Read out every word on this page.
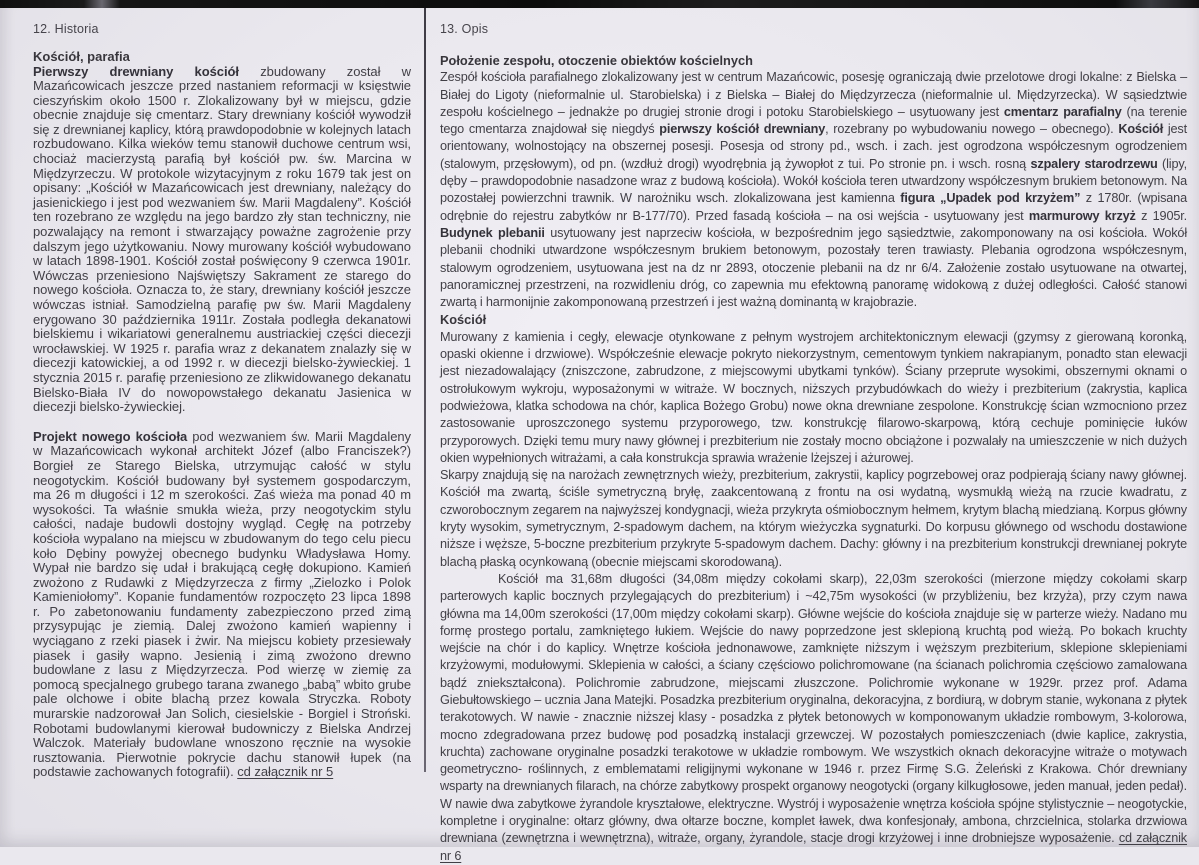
12. Historia
Kościół, parafia

Pierwszy drewniany kościół zbudowany został w Mazańcowicach jeszcze przed nastaniem reformacji w księstwie cieszyńskim około 1500 r. Zlokalizowany był w miejscu, gdzie obecnie znajduje się cmentarz. Stary drewniany kościół wywodził się z drewnianej kaplicy, którą prawdopodobnie w kolejnych latach rozbudowano. Kilka wieków temu stanowił duchowe centrum wsi, chociaż macierzystą parafią był kościół pw. św. Marcina w Międzyrzeczu. W protokole wizytacyjnym z roku 1679 tak jest on opisany: „Kościół w Mazańcowicach jest drewniany, należący do jasienickiego i jest pod wezwaniem św. Marii Magdaleny”. Kościół ten rozebrano ze względu na jego bardzo zły stan techniczny, nie pozwalający na remont i stwarzający poważne zagrożenie przy dalszym jego użytkowaniu. Nowy murowany kościół wybudowano w latach 1898-1901. Kościół został poświęcony 9 czerwca 1901r. Wówczas przeniesiono Najświętszy Sakrament ze starego do nowego kościoła. Oznacza to, że stary, drewniany kościół jeszcze wówczas istniał. Samodzielną parafię pw św. Marii Magdaleny erygowano 30 października 1911r. Została podległa dekanatowi bielskiemu i wikariatowi generalnemu austriackiej części diecezji wrocławskiej. W 1925 r. parafia wraz z dekanatem znalazły się w diecezji katowickiej, a od 1992 r. w diecezji bielsko-żywieckiej. 1 stycznia 2015 r. parafię przeniesiono ze zlikwidowanego dekanatu Bielsko-Biała IV do nowopowstałego dekanatu Jasienica w diecezji bielsko-żywieckiej.

Projekt nowego kościoła pod wezwaniem św. Marii Magdaleny w Mazańcowicach wykonał architekt Józef (albo Franciszek?) Borgieł ze Starego Bielska, utrzymując całość w stylu neogotyckim. Kościół budowany był systemem gospodarczym, ma 26 m długości i 12 m szerokości. Zaś wieża ma ponad 40 m wysokości. Ta właśnie smukła wieża, przy neogotyckim stylu całości, nadaje budowli dostojny wygląd. Cegłę na potrzeby kościoła wypalano na miejscu w zbudowanym do tego celu piecu koło Dębiny powyżej obecnego budynku Władysława Homy. Wypał nie bardzo się udał i brakującą cegłę dokupiono. Kamień zwożono z Rudawki z Międzyrzecza z firmy „Zielozko i Polok Kamieniołomy”. Kopanie fundamentów rozpoczęto 23 lipca 1898 r. Po zabetonowaniu fundamenty zabezpieczono przed zimą przysypując je ziemią. Dalej zwożono kamień wapienny i wyciągano z rzeki piasek i żwir. Na miejscu kobiety przesiewały piasek i gasiły wapno. Jesienią i zimą zwożono drewno budowlane z lasu z Międzyrzecza. Pod wierzę w ziemię za pomocą specjalnego grubego tarana zwanego „babą” wbito grube pale olchowe i obite blachą przez kowala Stryczka. Roboty murarskie nadzorował Jan Solich, ciesielskie - Borgiel i Stroński. Robotami budowlanymi kierował budowniczy z Bielska Andrzej Walczok. Materiały budowlane wnoszono ręcznie na wysokie rusztowania. Pierwotnie pokrycie dachu stanowił łupek (na podstawie zachowanych fotografii). cd załącznik nr 5

13. Opis
Położenie zespołu, otoczenie obiektów kościelnych

Zespół kościoła parafialnego zlokalizowany jest w centrum Mazańcowic, posesję ograniczają dwie przelotowe drogi lokalne: z Bielska – Białej do Ligoty (nieformalnie ul. Starobielska) i z Bielska – Białej do Międzyrzecza (nieformalnie ul. Międzyrzecka). W sąsiedztwie zespołu kościelnego – jednakże po drugiej stronie drogi i potoku Starobielskiego – usytuowany jest cmentarz parafialny (na terenie tego cmentarza znajdował się niegdyś pierwszy kościół drewniany, rozebrany po wybudowaniu nowego – obecnego). Kościół jest orientowany, wolnostojący na obszernej posesji. Posesja od strony pd., wsch. i zach. jest ogrodzona współczesnym ogrodzeniem (stalowym, przęsłowym), od pn. (wzdłuż drogi) wyodrębnia ją żywopłot z tui. Po stronie pn. i wsch. rosną szpalery starodrzewu (lipy, dęby – prawdopodobnie nasadzone wraz z budową kościoła). Wokół kościoła teren utwardzony współczesnym brukiem betonowym. Na pozostałej powierzchni trawnik. W narożniku wsch. zlokalizowana jest kamienna figura „Upadek pod krzyżem” z 1780r. (wpisana odrębnie do rejestru zabytków nr B-177/70). Przed fasadą kościoła – na osi wejścia - usytuowany jest marmurowy krzyż z 1905r. Budynek plebanii usytuowany jest naprzeciw kościoła, w bezpośrednim jego sąsiedztwie, zakomponowany na osi kościoła. Wokół plebanii chodniki utwardzone współczesnym brukiem betonowym, pozostały teren trawiasty. Plebania ogrodzona współczesnym, stalowym ogrodzeniem, usytuowana jest na dz nr 2893, otoczenie plebanii na dz nr 6/4. Założenie zostało usytuowane na otwartej, panoramicznej przestrzeni, na rozwidleniu dróg, co zapewnia mu efektowną panoramę widokową z dużej odległości. Całość stanowi zwartą i harmonijnie zakomponowaną przestrzeń i jest ważną dominantą w krajobrazie.

Kościół

Murowany z kamienia i cegły, elewacje otynkowane z pełnym wystrojem architektonicznym elewacji (gzymsy z gierowaną koronką, opaski okienne i drzwiowe). Współcześnie elewacje pokryto niekorzystnym, cementowym tynkiem nakrapianym, ponadto stan elewacji jest niezadowalający (zniszczone, zabrudzone, z miejscowymi ubytkami tynków). Ściany przeprute wysokimi, obszernymi oknami o ostrołukowym wykroju, wyposażonymi w witraże. W bocznych, niższych przybudówkach do wieży i prezbiterium (zakrystia, kaplica podwieżowa, klatka schodowa na chór, kaplica Bożego Grobu) nowe okna drewniane zespolone. Konstrukcję ścian wzmocniono przez zastosowanie uproszczonego systemu przyporowego, tzw. konstrukcję filarowo-skarpową, którą cechuje pominięcie łuków przyporowych. Dzięki temu mury nawy głównej i prezbiterium nie zostały mocno obciążone i pozwalały na umieszczenie w nich dużych okien wypełnionych witrażami, a cała konstrukcja sprawia wrażenie lżejszej i ażurowej.

Skarpy znajdują się na narożach zewnętrznych wieży, prezbiterium, zakrystii, kaplicy pogrzebowej oraz podpierają ściany nawy głównej. Kościół ma zwartą, ściśle symetryczną bryłę, zaakcentowaną z frontu na osi wydatną, wysmukłą wieżą na rzucie kwadratu, z czworobocznym zegarem na najwyższej kondygnacji, wieża przykryta ośmiobocznym hełmem, krytym blachą miedzianą. Korpus główny kryty wysokim, symetrycznym, 2-spadowym dachem, na którym wieżyczka sygnaturki. Do korpusu głównego od wschodu dostawione niższe i węższe, 5-boczne prezbiterium przykryte 5-spadowym dachem. Dachy: główny i na prezbiterium konstrukcji drewnianej pokryte blachą płaską ocynkowaną (obecnie miejscami skorodowaną).

Kościół ma 31,68m długości (34,08m między cokołami skarp), 22,03m szerokości (mierzone między cokołami skarp parterowych kaplic bocznych przylegających do prezbiterium) i ~42,75m wysokości (w przybliżeniu, bez krzyża), przy czym nawa główna ma 14,00m szerokości (17,00m między cokołami skarp). Główne wejście do kościoła znajduje się w parterze wieży. Nadano mu formę prostego portalu, zamkniętego łukiem. Wejście do nawy poprzedzone jest sklepioną kruchtą pod wieżą. Po bokach kruchty wejście na chór i do kaplicy. Wnętrze kościoła jednonawowe, zamknięte niższym i węższym prezbiterium, sklepione sklepieniami krzyżowymi, modułowymi. Sklepienia w całości, a ściany częściowo polichromowane (na ścianach polichromia częściowo zamalowana bądź zniekształcona). Polichromie zabrudzone, miejscami złuszczone. Polichromie wykonane w 1929r. przez prof. Adama Giebułtowskiego – ucznia Jana Matejki. Posadzka prezbiterium oryginalna, dekoracyjna, z bordiurą, w dobrym stanie, wykonana z płytek terakotowych. W nawie - znacznie niższej klasy - posadzka z płytek betonowych w komponowanym układzie rombowym, 3-kolorowa, mocno zdegradowana przez budowę pod posadzką instalacji grzewczej. W pozostałych pomieszczeniach (dwie kaplice, zakrystia, kruchta) zachowane oryginalne posadzki terakotowe w układzie rombowym. We wszystkich oknach dekoracyjne witraże o motywach geometryczno- roślinnych, z emblematami religijnymi wykonane w 1946 r. przez Firmę S.G. Żeleński z Krakowa. Chór drewniany wsparty na drewnianych filarach, na chórze zabytkowy prospekt organowy neogotycki (organy kilkugłosowe, jeden manuał, jeden pedał). W nawie dwa zabytkowe żyrandole kryształowe, elektryczne. Wystrój i wyposażenie wnętrza kościoła spójne stylistycznie – neogotyckie, kompletne i oryginalne: ołtarz główny, dwa ołtarze boczne, komplet ławek, dwa konfesjonały, ambona, chrzcielnica, stolarka drzwiowa drewniana (zewnętrzna i wewnętrzna), witraże, organy, żyrandole, stacje drogi krzyżowej i inne drobniejsze wyposażenie. cd załącznik nr 6
